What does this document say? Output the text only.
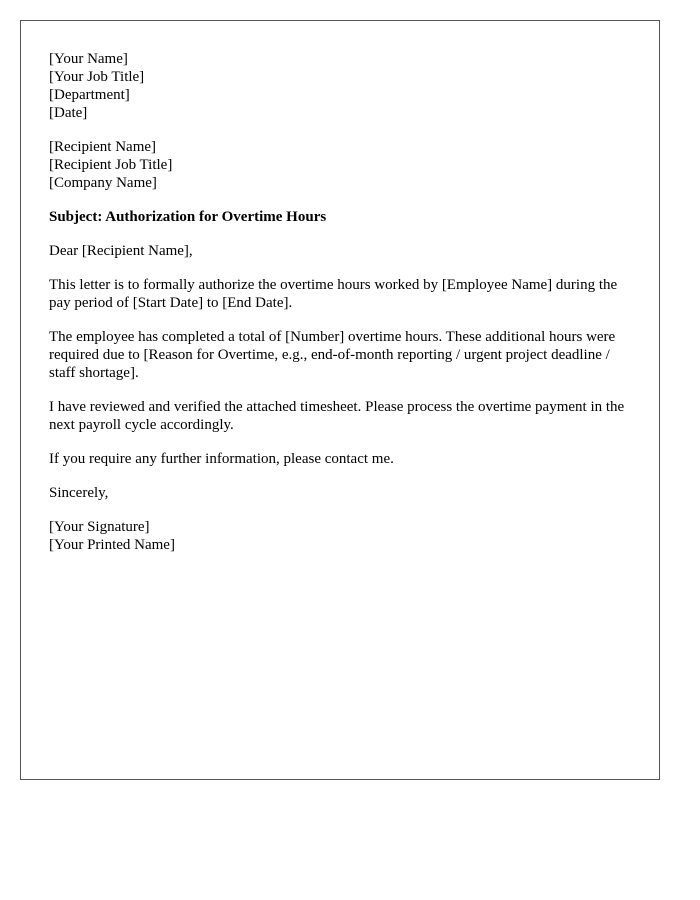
[Your Name]
[Your Job Title]
[Department]
[Date]
[Recipient Name]
[Recipient Job Title]
[Company Name]

Subject: Authorization for Overtime Hours

Dear [Recipient Name],

This letter is to formally authorize the overtime hours worked by [Employee Name] during the pay period of [Start Date] to [End Date].

The employee has completed a total of [Number] overtime hours. These additional hours were required due to [Reason for Overtime, e.g., end-of-month reporting / urgent project deadline / staff shortage].

I have reviewed and verified the attached timesheet. Please process the overtime payment in the next payroll cycle accordingly.

If you require any further information, please contact me.

Sincerely,

[Your Signature]
[Your Printed Name]
